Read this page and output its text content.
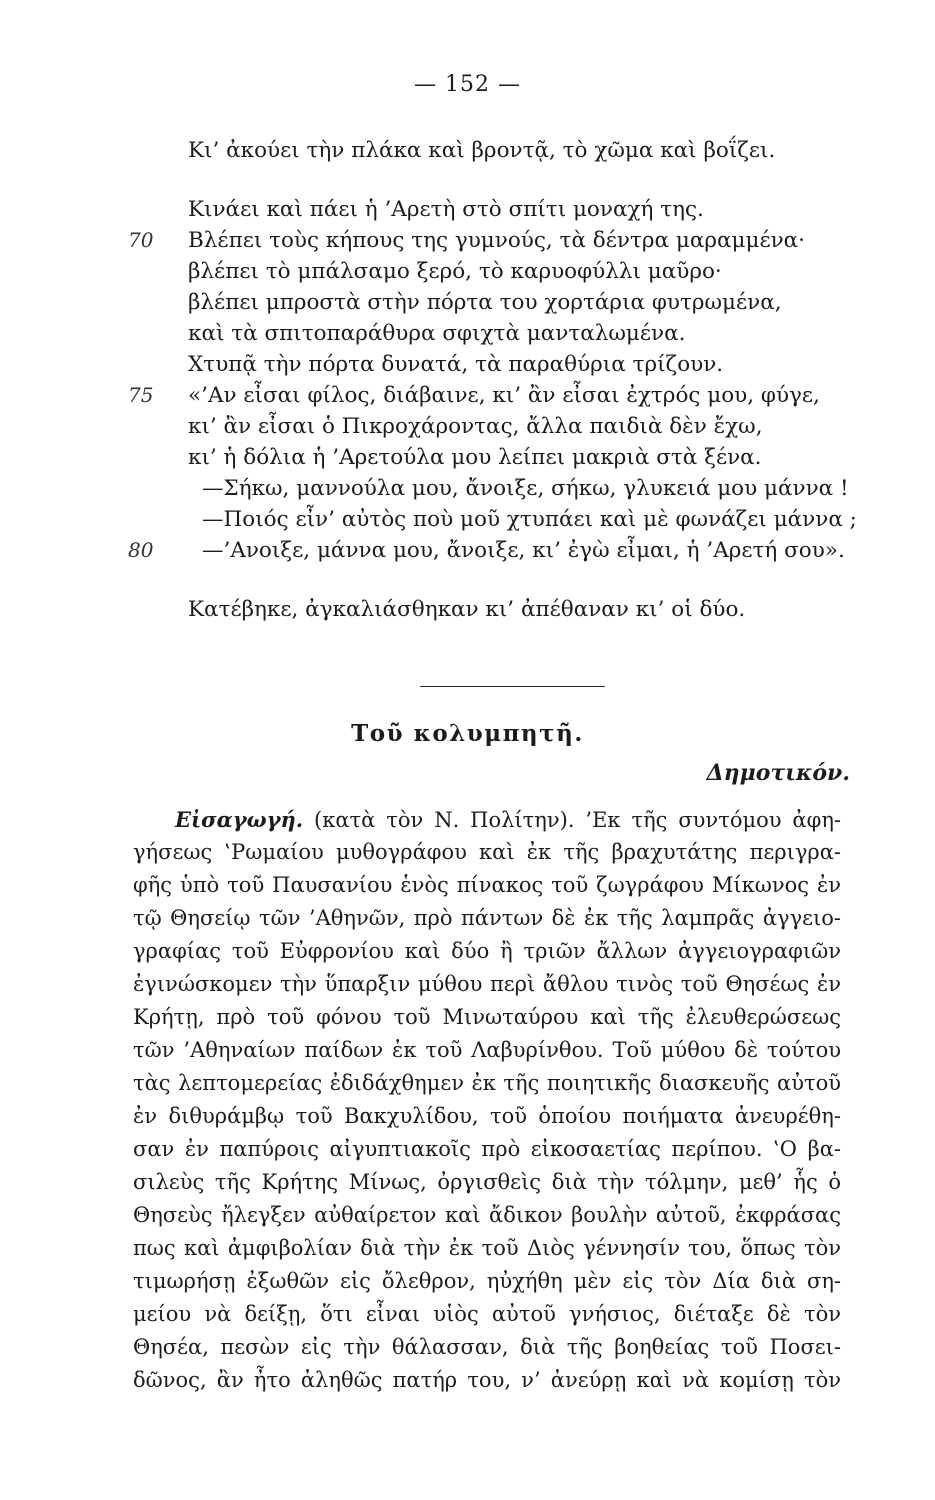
— 152 —
Κι’ ἀκούει τὴν πλάκα καὶ βροντᾷ, τὸ χῶμα καὶ βοΐζει.
Κινάει καὶ πάει ἡ ’Αρετὴ στὸ σπίτι μοναχή της.
70 Βλέπει τοὺς κήπους της γυμνούς, τὰ δέντρα μαραμμένα·
βλέπει τὸ μπάλσαμο ξερό, τὸ καρυοφύλλι μαῦρο·
βλέπει μπροστὰ στὴν πόρτα του χορτάρια φυτρωμένα,
καὶ τὰ σπιτοπαράθυρα σφιχτὰ μανταλωμένα.
Χτυπᾷ τὴν πόρτα δυνατά, τὰ παραθύρια τρίζουν.
75 «’Αν εἶσαι φίλος, διάβαινε, κι’ ἂν εἶσαι ἐχτρός μου, φύγε,
κι’ ἂν εἶσαι ὁ Πικροχάροντας, ἄλλα παιδιὰ δὲν ἔχω,
κι’ ἡ δόλια ἡ ’Αρετούλα μου λείπει μακριὰ στὰ ξένα.
—Σήκω, μαννούλα μου, ἄνοιξε, σήκω, γλυκειά μου μάννα !
—Ποιός εἶν’ αὐτὸς ποὺ μοῦ χτυπάει καὶ μὲ φωνάζει μάννα ;
80 —’Ανοιξε, μάννα μου, ἄνοιξε, κι’ ἐγὼ εἶμαι, ἡ ’Αρετή σου».
Κατέβηκε, ἀγκαλιάσθηκαν κι’ ἀπέθαναν κι’ οἱ δύο.
Τοῦ κολυμπητῆ.
Δημοτικόν.
Εἰσαγωγή. (κατὰ τὸν Ν. Πολίτην). ’Εκ τῆς συντόμου ἀφη-
γήσεως ‛Ρωμαίου μυθογράφου καὶ ἐκ τῆς βραχυτάτης περιγρα-
φῆς ὑπὸ τοῦ Παυσανίου ἑνὸς πίνακος τοῦ ζωγράφου Μίκωνος ἐν
τῷ Θησείῳ τῶν ’Αθηνῶν, πρὸ πάντων δὲ ἐκ τῆς λαμπρᾶς ἀγγειο-
γραφίας τοῦ Εὐφρονίου καὶ δύο ἢ τριῶν ἄλλων ἀγγειογραφιῶν
ἐγινώσκομεν τὴν ὕπαρξιν μύθου περὶ ἄθλου τινὸς τοῦ Θησέως ἐν
Κρήτῃ, πρὸ τοῦ φόνου τοῦ Μινωταύρου καὶ τῆς ἐλευθερώσεως
τῶν ’Αθηναίων παίδων ἐκ τοῦ Λαβυρίνθου. Τοῦ μύθου δὲ τούτου
τὰς λεπτομερείας ἐδιδάχθημεν ἐκ τῆς ποιητικῆς διασκευῆς αὐτοῦ
ἐν διθυράμβῳ τοῦ Βακχυλίδου, τοῦ ὁποίου ποιήματα ἀνευρέθη-
σαν ἐν παπύροις αἰγυπτιακοῖς πρὸ εἰκοσαετίας περίπου. ‛Ο βα-
σιλεὺς τῆς Κρήτης Μίνως, ὀργισθεὶς διὰ τὴν τόλμην, μεθ’ ἧς ὁ
Θησεὺς ἤλεγξεν αὐθαίρετον καὶ ἄδικον βουλὴν αὐτοῦ, ἐκφράσας
πως καὶ ἀμφιβολίαν διὰ τὴν ἐκ τοῦ Διὸς γέννησίν του, ὅπως τὸν
τιμωρήσῃ ἐξωθῶν εἰς ὄλεθρον, ηὐχήθη μὲν εἰς τὸν Δία διὰ ση-
μείου νὰ δείξῃ, ὅτι εἶναι υἱὸς αὐτοῦ γνήσιος, διέταξε δὲ τὸν
Θησέα, πεσὼν εἰς τὴν θάλασσαν, διὰ τῆς βοηθείας τοῦ Ποσει-
δῶνος, ἂν ἦτο ἀληθῶς πατήρ του, ν’ ἀνεύρῃ καὶ νὰ κομίσῃ τὸν
